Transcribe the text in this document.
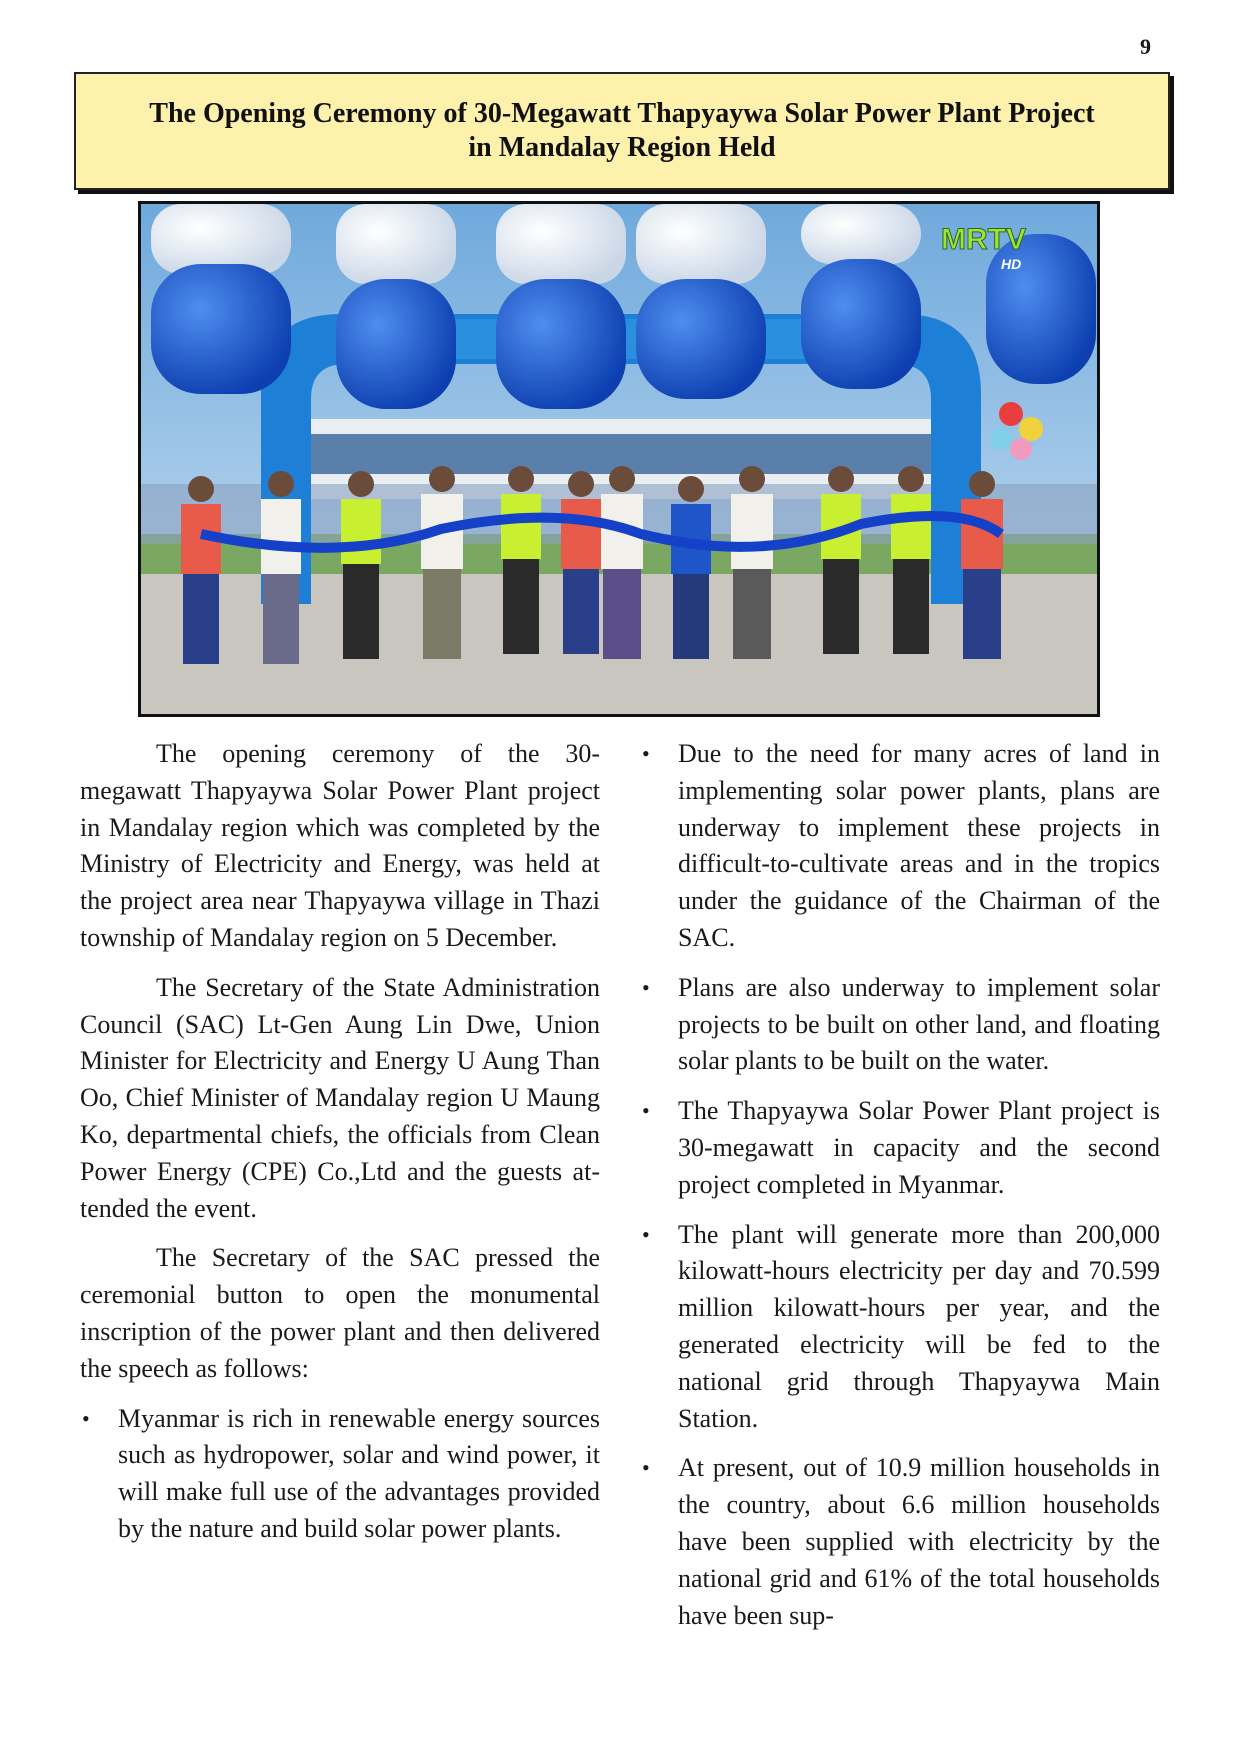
9
The Opening Ceremony of 30-Megawatt Thapyaywa Solar Power Plant Project
in Mandalay Region Held
MRTV
HD

The opening ceremony of the 30-megawatt Thapyaywa Solar Power Plant project in Mandalay region which was completed by the Ministry of Electricity and Energy, was held at the project area near Thapyaywa village in Thazi township of Mandalay region on 5 December.

The Secretary of the State Administration Council (SAC) Lt-Gen Aung Lin Dwe, Union Minister for Electricity and Energy U Aung Than Oo, Chief Minister of Mandalay region U Maung Ko, departmental chiefs, the officials from Clean Power Energy (CPE) Co.,Ltd and the guests attended the event.

The Secretary of the SAC pressed the ceremonial button to open the monumental inscription of the power plant and then delivered the speech as follows:

• Myanmar is rich in renewable energy sources such as hydropower, solar and wind power, it will make full use of the advantages provided by the nature and build solar power plants.
• Due to the need for many acres of land in implementing solar power plants, plans are underway to implement these projects in difficult-to-cultivate areas and in the tropics under the guidance of the Chairman of the SAC.
• Plans are also underway to implement solar projects to be built on other land, and floating solar plants to be built on the water.
• The Thapyaywa Solar Power Plant project is 30-megawatt in capacity and the second project completed in Myanmar.
• The plant will generate more than 200,000 kilowatt-hours electricity per day and 70.599 million kilowatt-hours per year, and the generated electricity will be fed to the national grid through Thapyaywa Main Station.
• At present, out of 10.9 million households in the country, about 6.6 million households have been supplied with electricity by the national grid and 61% of the total households have been sup-
